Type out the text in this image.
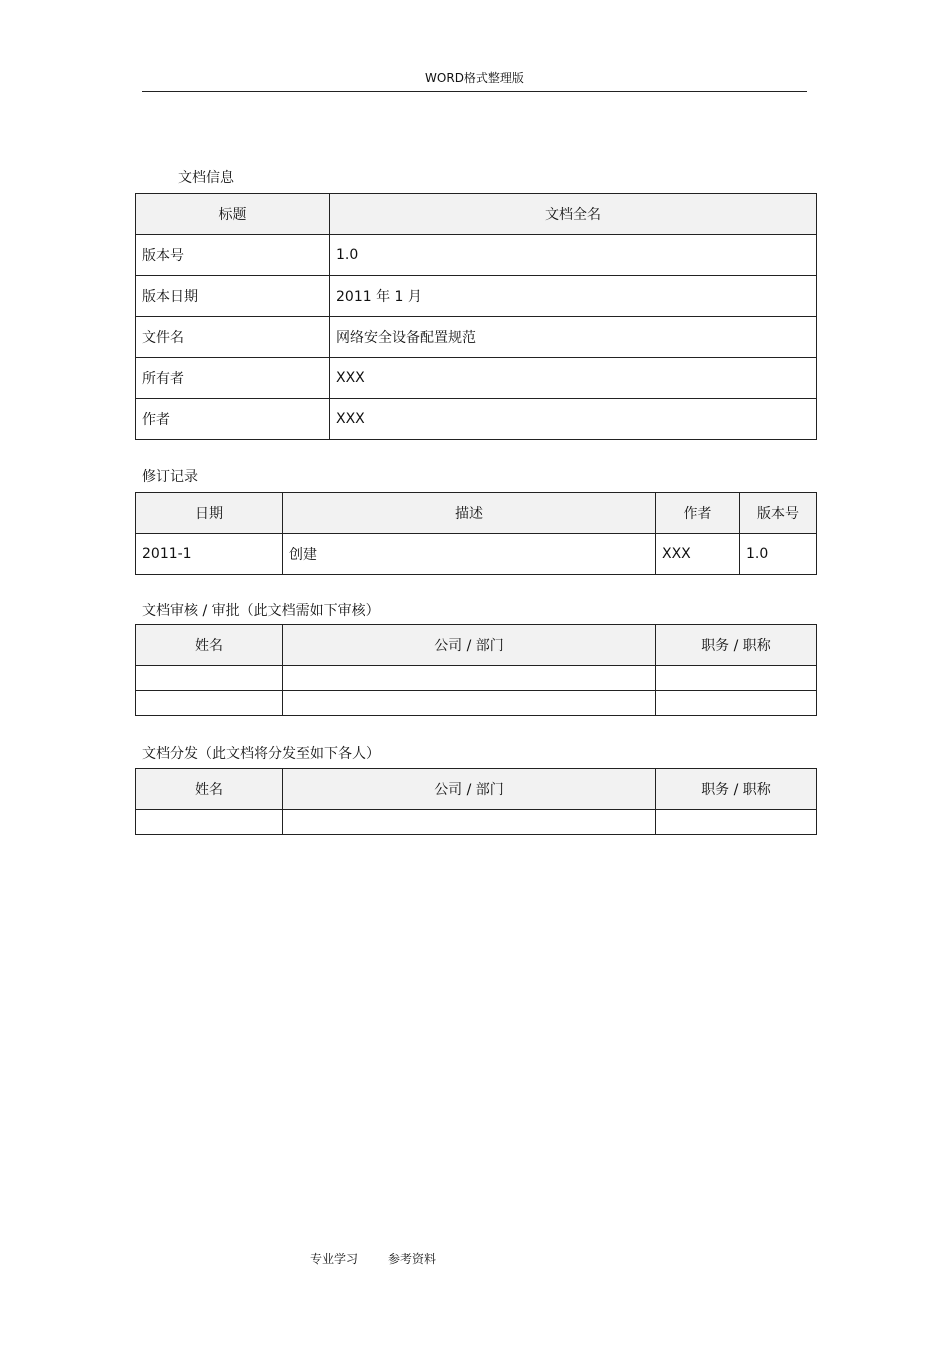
WORD格式整理版
文档信息
标题	文档全名
版本号	1.0
版本日期	2011 年 1 月
文件名	网络安全设备配置规范
所有者	XXX
作者	XXX
修订记录
日期	描述	作者	版本号
2011-1	创建	XXX	1.0
文档审核 / 审批（此文档需如下审核）
姓名	公司 / 部门	职务 / 职称

文档分发（此文档将分发至如下各人）
姓名	公司 / 部门	职务 / 职称

专业学习 参考资料
